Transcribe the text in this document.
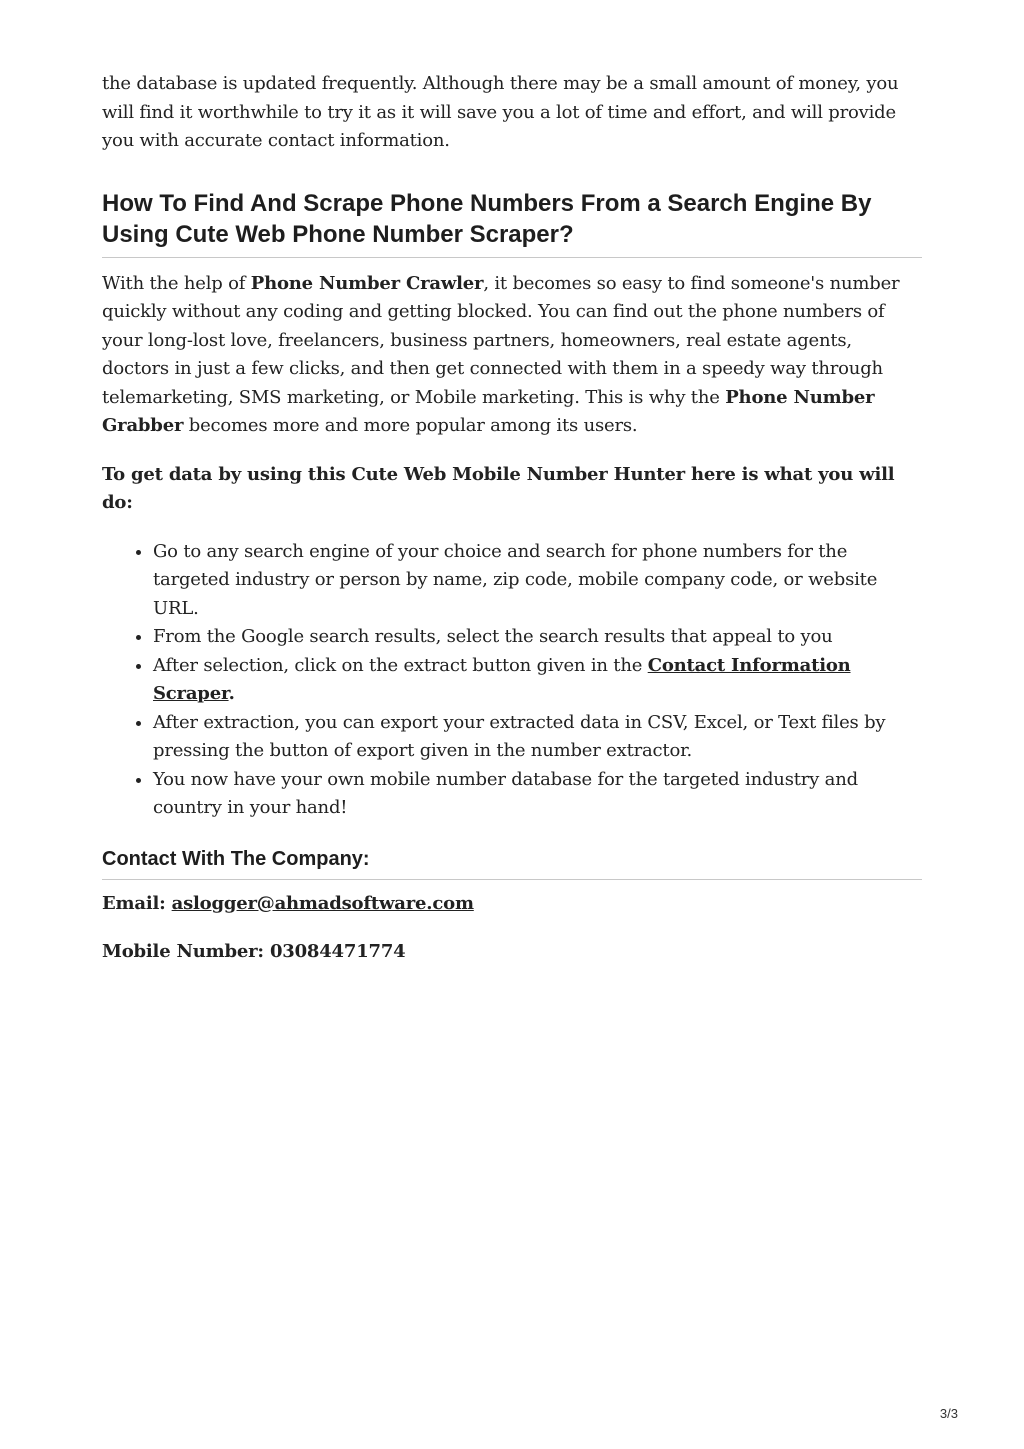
the database is updated frequently. Although there may be a small amount of money, you will find it worthwhile to try it as it will save you a lot of time and effort, and will provide you with accurate contact information.

How To Find And Scrape Phone Numbers From a Search Engine By Using Cute Web Phone Number Scraper?

With the help of Phone Number Crawler, it becomes so easy to find someone's number quickly without any coding and getting blocked. You can find out the phone numbers of your long-lost love, freelancers, business partners, homeowners, real estate agents, doctors in just a few clicks, and then get connected with them in a speedy way through telemarketing, SMS marketing, or Mobile marketing. This is why the Phone Number Grabber becomes more and more popular among its users.

To get data by using this Cute Web Mobile Number Hunter here is what you will do:

• Go to any search engine of your choice and search for phone numbers for the targeted industry or person by name, zip code, mobile company code, or website URL.
• From the Google search results, select the search results that appeal to you
• After selection, click on the extract button given in the Contact Information Scraper.
• After extraction, you can export your extracted data in CSV, Excel, or Text files by pressing the button of export given in the number extractor.
• You now have your own mobile number database for the targeted industry and country in your hand!
Contact With The Company:

Email: aslogger@ahmadsoftware.com

Mobile Number: 03084471774

3/3
